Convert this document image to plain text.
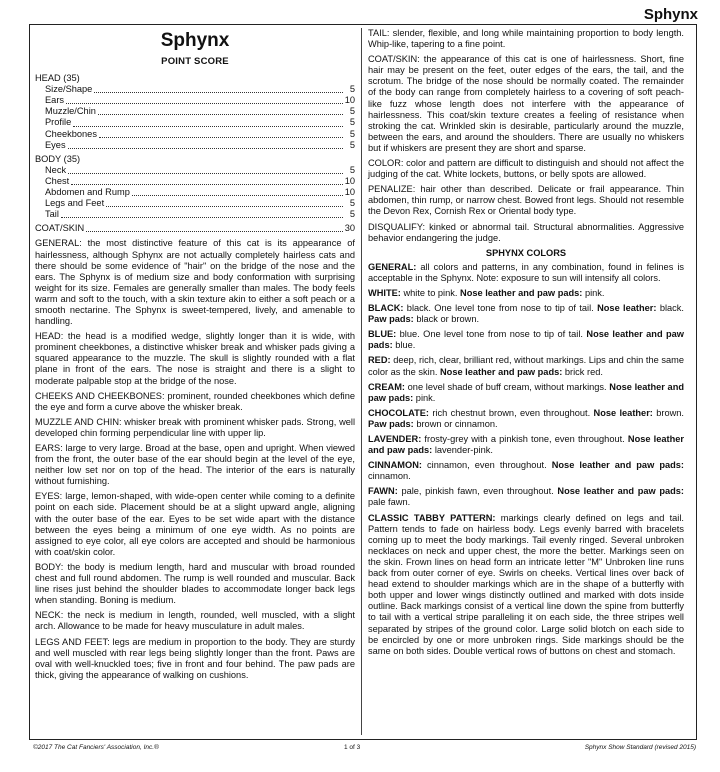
Sphynx
Sphynx
POINT SCORE
HEAD (35)
Size/Shape	5
Ears	10
Muzzle/Chin	5
Profile	5
Cheekbones	5
Eyes	5
BODY (35)
Neck	5
Chest	10
Abdomen and Rump	10
Legs and Feet	5
Tail	5
COAT/SKIN	30

GENERAL: the most distinctive feature of this cat is its appearance of hairlessness, although Sphynx are not actually completely hairless cats and there should be some evidence of "hair" on the bridge of the nose and the ears. The Sphynx is of medium size and body conformation with surprising weight for its size. Females are generally smaller than males. The body feels warm and soft to the touch, with a skin texture akin to either a soft peach or a smooth nectarine. The Sphynx is sweet-tempered, lively, and amenable to handling.

HEAD: the head is a modified wedge, slightly longer than it is wide, with prominent cheekbones, a distinctive whisker break and whisker pads giving a squared appearance to the muzzle. The skull is slightly rounded with a flat plane in front of the ears. The nose is straight and there is a slight to moderate palpable stop at the bridge of the nose.

CHEEKS AND CHEEKBONES: prominent, rounded cheekbones which define the eye and form a curve above the whisker break.

MUZZLE AND CHIN: whisker break with prominent whisker pads. Strong, well developed chin forming perpendicular line with upper lip.

EARS: large to very large. Broad at the base, open and upright. When viewed from the front, the outer base of the ear should begin at the level of the eye, neither low set nor on top of the head. The interior of the ears is naturally without furnishing.

EYES: large, lemon-shaped, with wide-open center while coming to a definite point on each side. Placement should be at a slight upward angle, aligning with the outer base of the ear. Eyes to be set wide apart with the distance between the eyes being a minimum of one eye width. As no points are assigned to eye color, all eye colors are accepted and should be harmonious with coat/skin color.

BODY: the body is medium length, hard and muscular with broad rounded chest and full round abdomen. The rump is well rounded and muscular. Back line rises just behind the shoulder blades to accommodate longer back legs when standing. Boning is medium.

NECK: the neck is medium in length, rounded, well muscled, with a slight arch. Allowance to be made for heavy musculature in adult males.

LEGS AND FEET: legs are medium in proportion to the body. They are sturdy and well muscled with rear legs being slightly longer than the front. Paws are oval with well-knuckled toes; five in front and four behind. The paw pads are thick, giving the appearance of walking on cushions.

TAIL: slender, flexible, and long while maintaining proportion to body length. Whip-like, tapering to a fine point.

COAT/SKIN: the appearance of this cat is one of hairlessness. Short, fine hair may be present on the feet, outer edges of the ears, the tail, and the scrotum. The bridge of the nose should be normally coated. The remainder of the body can range from completely hairless to a covering of soft peach-like fuzz whose length does not interfere with the appearance of hairlessness. This coat/skin texture creates a feeling of resistance when stroking the cat. Wrinkled skin is desirable, particularly around the muzzle, between the ears, and around the shoulders. There are usually no whiskers but if whiskers are present they are short and sparse.

COLOR: color and pattern are difficult to distinguish and should not affect the judging of the cat. White lockets, buttons, or belly spots are allowed.

PENALIZE: hair other than described. Delicate or frail appearance. Thin abdomen, thin rump, or narrow chest. Bowed front legs. Should not resemble the Devon Rex, Cornish Rex or Oriental body type.

DISQUALIFY: kinked or abnormal tail. Structural abnormalities. Aggressive behavior endangering the judge.

SPHYNX COLORS

GENERAL: all colors and patterns, in any combination, found in felines is acceptable in the Sphynx. Note: exposure to sun will intensify all colors.

WHITE: white to pink. Nose leather and paw pads: pink.

BLACK: black. One level tone from nose to tip of tail. Nose leather: black. Paw pads: black or brown.

BLUE: blue. One level tone from nose to tip of tail. Nose leather and paw pads: blue.

RED: deep, rich, clear, brilliant red, without markings. Lips and chin the same color as the skin. Nose leather and paw pads: brick red.

CREAM: one level shade of buff cream, without markings. Nose leather and paw pads: pink.

CHOCOLATE: rich chestnut brown, even throughout. Nose leather: brown. Paw pads: brown or cinnamon.

LAVENDER: frosty-grey with a pinkish tone, even throughout. Nose leather and paw pads: lavender-pink.

CINNAMON: cinnamon, even throughout. Nose leather and paw pads: cinnamon.

FAWN: pale, pinkish fawn, even throughout. Nose leather and paw pads: pale fawn.

CLASSIC TABBY PATTERN: markings clearly defined on legs and tail. Pattern tends to fade on hairless body. Legs evenly barred with bracelets coming up to meet the body markings. Tail evenly ringed. Several unbroken necklaces on neck and upper chest, the more the better. Markings seen on the skin. Frown lines on head form an intricate letter "M" Unbroken line runs back from outer corner of eye. Swirls on cheeks. Vertical lines over back of head extend to shoulder markings which are in the shape of a butterfly with both upper and lower wings distinctly outlined and marked with dots inside outline. Back markings consist of a vertical line down the spine from butterfly to tail with a vertical stripe paralleling it on each side, the three stripes well separated by stripes of the ground color. Large solid blotch on each side to be encircled by one or more unbroken rings. Side markings should be the same on both sides. Double vertical rows of buttons on chest and stomach.

©2017 The Cat Fanciers' Association, Inc.®	1 of 3	Sphynx Show Standard (revised 2015)
